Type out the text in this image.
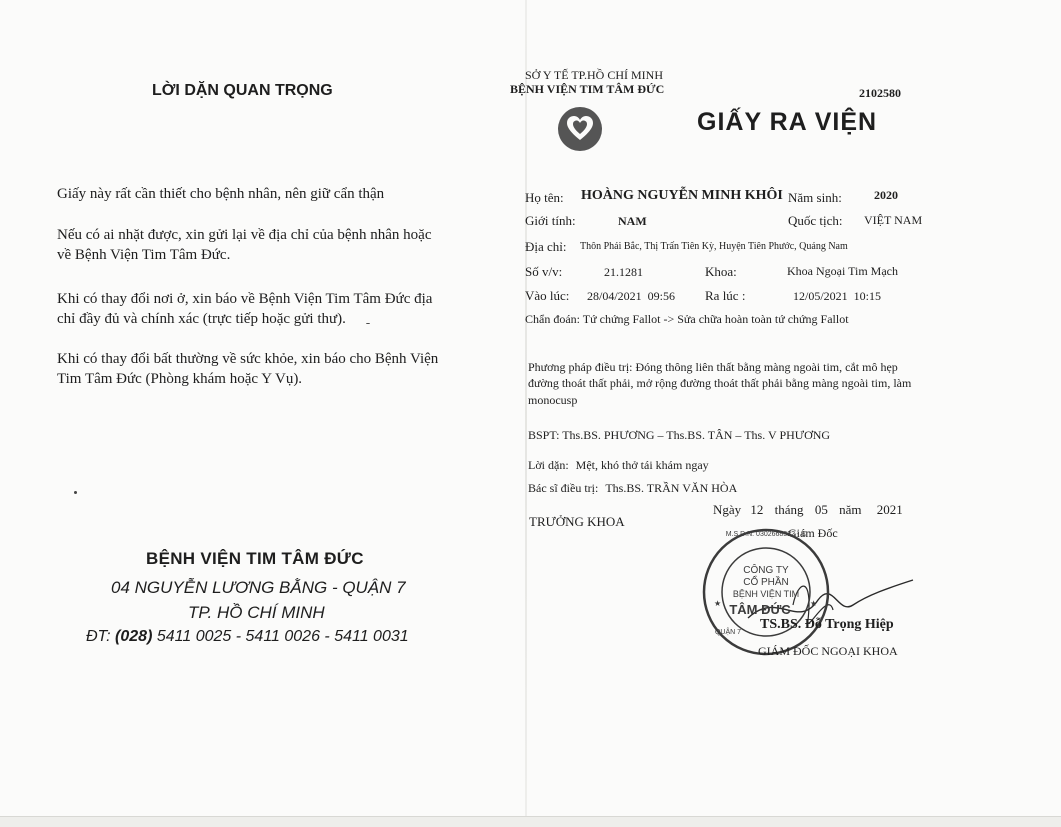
LỜI DẶN QUAN TRỌNG
Giấy này rất cần thiết cho bệnh nhân, nên giữ cẩn thận
Nếu có ai nhặt được, xin gửi lại về địa chỉ của bệnh nhân hoặc
về Bệnh Viện Tim Tâm Đức.
Khi có thay đổi nơi ở, xin báo về Bệnh Viện Tim Tâm Đức địa
chỉ đầy đủ và chính xác (trực tiếp hoặc gửi thư).
Khi có thay đổi bất thường về sức khỏe, xin báo cho Bệnh Viện
Tim Tâm Đức (Phòng khám hoặc Y Vụ).
BỆNH VIỆN TIM TÂM ĐỨC
04 NGUYỄN LƯƠNG BẰNG - QUẬN 7
TP. HỒ CHÍ MINH
ĐT: (028) 5411 0025 - 5411 0026 - 5411 0031
SỞ Y TẾ TP.HỒ CHÍ MINH
BỆNH VIỆN TIM TÂM ĐỨC	2102580
GIẤY RA VIỆN
Họ tên: HOÀNG NGUYỄN MINH KHÔI Năm sinh:	2020
Giới tính:	NAM	Quốc tịch: VIỆT NAM
Địa chỉ: Thôn Phái Bắc, Thị Trấn Tiên Kỳ, Huyện Tiên Phước, Quảng Nam
Số v/v:	21.1281	Khoa:	Khoa Ngoại Tim Mạch
Vào lúc: 28/04/2021  09:56 Ra lúc :	12/05/2021  10:15
Chẩn đoán: Tứ chứng Fallot -> Sửa chữa hoàn toàn tứ chứng Fallot
Phương pháp điều trị: Đóng thông liên thất bằng màng ngoài tim, cắt mô hẹp
đường thoát thất phải, mở rộng đường thoát thất phải bằng màng ngoài tim, làm
monocusp
BSPT: Ths.BS. PHƯƠNG – Ths.BS. TÂN – Ths. V PHƯƠNG
Lời dặn: Mệt, khó thở tái khám ngay
Bác sĩ điều trị: Ths.BS. TRẦN VĂN HÒA
Ngày 12 tháng 05 năm 2021
TRƯỞNG KHOA
Giám Đốc
M.S.D.N: 0302668322 - C
CÔNG TY
CỔ PHẦN
BỆNH VIỆN TIM
TÂM ĐỨC
QUẬN 7
★	★
TS.BS. Đỗ Trọng Hiệp
GIÁM ĐỐC NGOẠI KHOA
